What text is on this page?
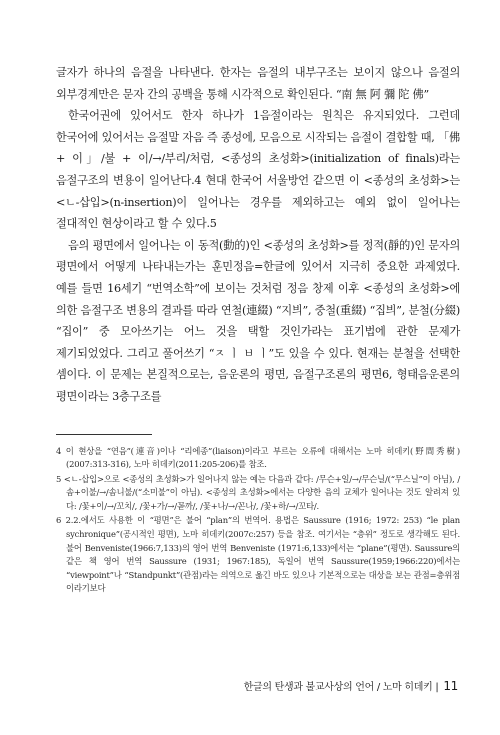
글자가 하나의 음절을 나타낸다. 한자는 음절의 내부구조는 보이지 않으나 음절의 외부경계만은 문자 간의 공백을 통해 시각적으로 확인된다. “南 無 阿 彌 陀 佛”

한국어권에 있어서도 한자 하나가 1음절이라는 원칙은 유지되었다. 그런데 한국어에 있어서는 음절말 자음 즉 종성에, 모음으로 시작되는 음절이 결합할 때, 「佛 + 이」/불 + 이/→/부리/처럼, <종성의 초성화>(initialization of finals)라는 음절구조의 변용이 일어난다.4 현대 한국어 서울방언 같으면 이 <종성의 초성화>는 <ㄴ-삽입>(n-insertion)이 일어나는 경우를 제외하고는 예외 없이 일어나는 절대적인 현상이라고 할 수 있다.5

음의 평면에서 일어나는 이 동적(動的)인 <종성의 초성화>를 정적(靜的)인 문자의 평면에서 어떻게 나타내는가는 훈민정음=한글에 있어서 지극히 중요한 과제였다. 예를 들면 16세기 “번역소학”에 보이는 것처럼 정음 창제 이후 <종성의 초성화>에 의한 음절구조 변용의 결과를 따라 연철(連綴) “지븨”, 중철(重綴) “집븨”, 분철(分綴) “집이” 중 모아쓰기는 어느 것을 택할 것인가라는 표기법에 관한 문제가 제기되었었다. 그리고 풀어쓰기 “ㅈ ㅣ ㅂ ㅣ”도 있을 수 있다. 현재는 분철을 선택한 셈이다. 이 문제는 본질적으로는, 음운론의 평면, 음절구조론의 평면6, 형태음운론의 평면이라는 3층구조를

4 이 현상을 “연음”(連音)이나 “리에종”(liaison)이라고 부르는 오류에 대해서는 노마 히데키(野間秀樹)(2007:313-316), 노마 히데키(2011:205-206)를 참조.

5 <ㄴ-삽입>으로 <종성의 초성화>가 일어나지 않는 예는 다음과 같다: /무슨+일/→/무슨닐/(“무스닐”이 아님), /솜+이불/→/솜니불/(“소미불”이 아님). <종성의 초성화>에서는 다양한 음의 교체가 일어나는 것도 알려져 있다: /꽃+이/→/꼬치/, /꽃+가/→/꼳까/, /꽃+나/→/꼰나/, /꽃+하/→/꼬타/.

6 2.2.에서도 사용한 이 “평면”은 불어 “plan”의 번역어. 용법은 Saussure (1916; 1972: 253) “le plan sychronique”(공시적인 평면), 노마 히데키(2007c:257) 등을 참조. 여기서는 “층위” 정도로 생각해도 된다. 불어 Benveniste(1966:7,133)의 영어 번역 Benveniste (1971:6,133)에서는 “plane”(평면). Saussure의 같은 책 영어 번역 Saussure (1931; 1967:185), 독일어 번역 Saussure(1959;1966:220)에서는 “viewpoint”나 “Standpunkt”(관점)라는 의역으로 옮긴 바도 있으나 기본적으로는 대상을 보는 관점=층위점이라기보다

한글의 탄생과 불교사상의 언어 / 노마 히데키 | 11
